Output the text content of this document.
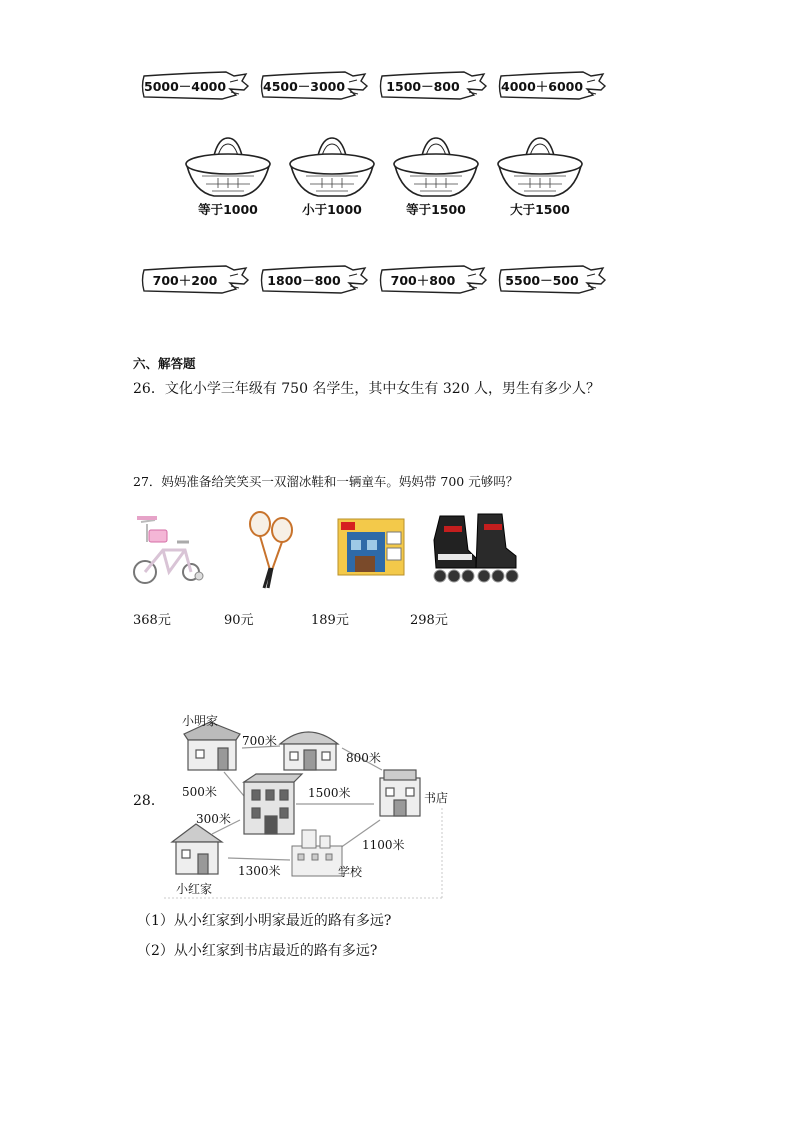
5000－4000	4500－3000	1500－800	4000＋6000
等于1000	小于1000	等于1500	大于1500
700＋200	1800－800	700＋800	5500－500
六、解答题
26．文化小学三年级有 750 名学生，其中女生有 320 人，男生有多少人？
27．妈妈准备给笑笑买一双溜冰鞋和一辆童车。妈妈带 700 元够吗？
368元	90元	189元	298元
28．
小明家
700米
800米
500米	1500米	书店
300米
1100米
1300米	学校
小红家
（1）从小红家到小明家最近的路有多远?
（2）从小红家到书店最近的路有多远?
